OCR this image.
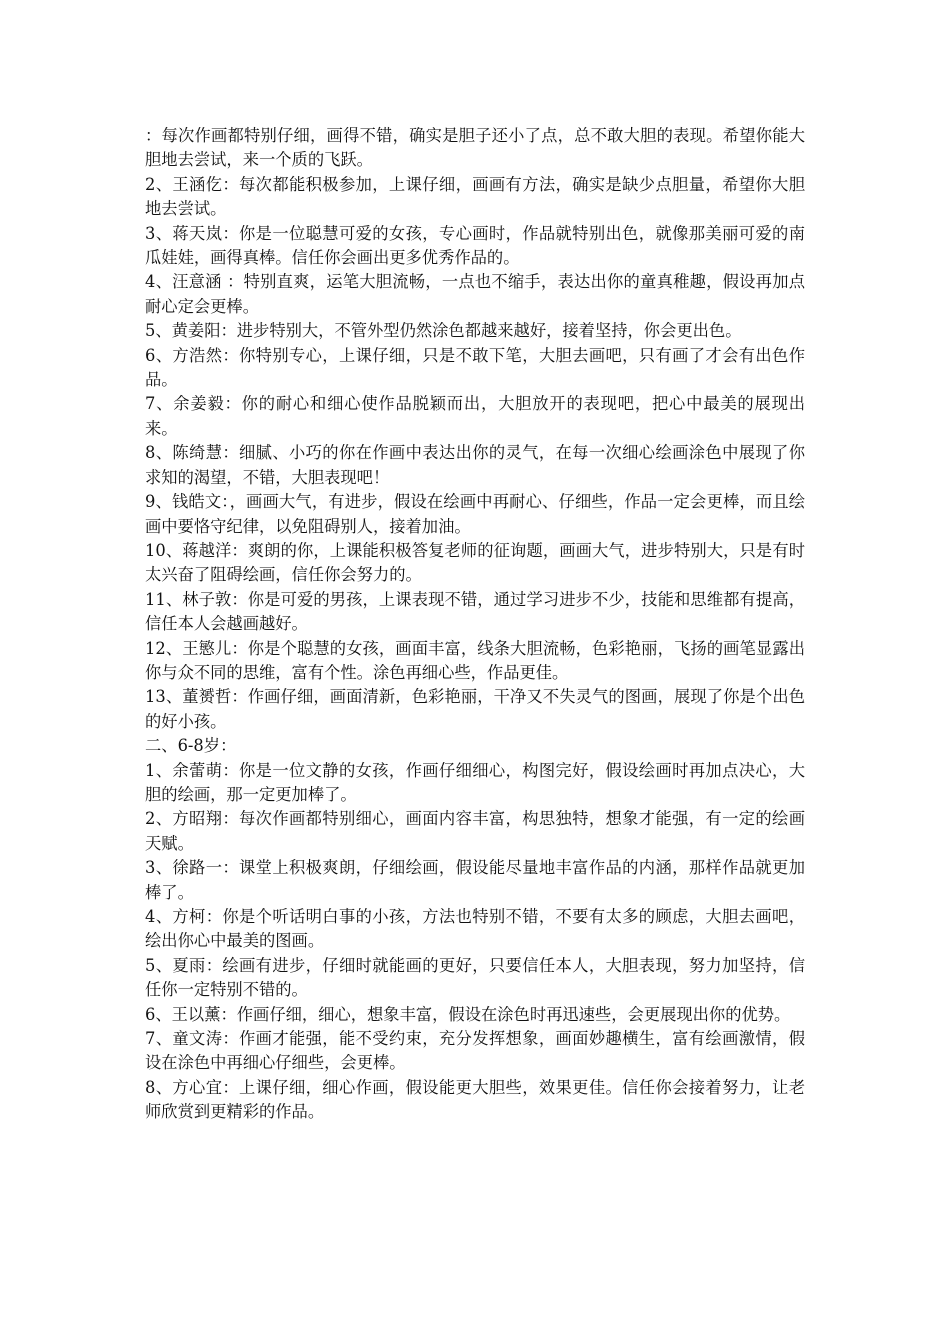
：每次作画都特别仔细，画得不错，确实是胆子还小了点，总不敢大胆的表现。希望你能大胆地去尝试，来一个质的飞跃。

2、王涵仡：每次都能积极参加，上课仔细，画画有方法，确实是缺少点胆量，希望你大胆地去尝试。

3、蒋天岚：你是一位聪慧可爱的女孩，专心画时，作品就特别出色，就像那美丽可爱的南瓜娃娃，画得真棒。信任你会画出更多优秀作品的。

4、汪意涵 ：特别直爽，运笔大胆流畅，一点也不缩手，表达出你的童真稚趣，假设再加点耐心定会更棒。

5、黄姜阳：进步特别大，不管外型仍然涂色都越来越好，接着坚持，你会更出色。

6、方浩然：你特别专心，上课仔细，只是不敢下笔，大胆去画吧，只有画了才会有出色作品。

7、余姜毅：你的耐心和细心使作品脱颖而出，大胆放开的表现吧，把心中最美的展现出来。

8、陈绮慧：细腻、小巧的你在作画中表达出你的灵气，在每一次细心绘画涂色中展现了你求知的渴望，不错，大胆表现吧！

9、钱皓文：，画画大气，有进步，假设在绘画中再耐心、仔细些，作品一定会更棒，而且绘画中要恪守纪律，以免阻碍别人，接着加油。

10、蒋越洋：爽朗的你，上课能积极答复老师的征询题，画画大气，进步特别大，只是有时太兴奋了阻碍绘画，信任你会努力的。

11、林子敦：你是可爱的男孩，上课表现不错，通过学习进步不少，技能和思维都有提高，信任本人会越画越好。

12、王慜儿：你是个聪慧的女孩，画面丰富，线条大胆流畅，色彩艳丽，飞扬的画笔显露出你与众不同的思维，富有个性。涂色再细心些，作品更佳。

13、董赟哲：作画仔细，画面清新，色彩艳丽，干净又不失灵气的图画，展现了你是个出色的好小孩。

二、6-8岁：

1、余蕾萌：你是一位文静的女孩，作画仔细细心，构图完好，假设绘画时再加点决心，大胆的绘画，那一定更加棒了。

2、方昭翔：每次作画都特别细心，画面内容丰富，构思独特，想象才能强，有一定的绘画天赋。

3、徐路一：课堂上积极爽朗，仔细绘画，假设能尽量地丰富作品的内涵，那样作品就更加棒了。

4、方柯：你是个听话明白事的小孩，方法也特别不错，不要有太多的顾虑，大胆去画吧，绘出你心中最美的图画。

5、夏雨：绘画有进步，仔细时就能画的更好，只要信任本人，大胆表现，努力加坚持，信任你一定特别不错的。

6、王以薰：作画仔细，细心，想象丰富，假设在涂色时再迅速些，会更展现出你的优势。

7、童文涛：作画才能强，能不受约束，充分发挥想象，画面妙趣横生，富有绘画激情，假设在涂色中再细心仔细些，会更棒。

8、方心宜：上课仔细，细心作画，假设能更大胆些，效果更佳。信任你会接着努力，让老师欣赏到更精彩的作品。
